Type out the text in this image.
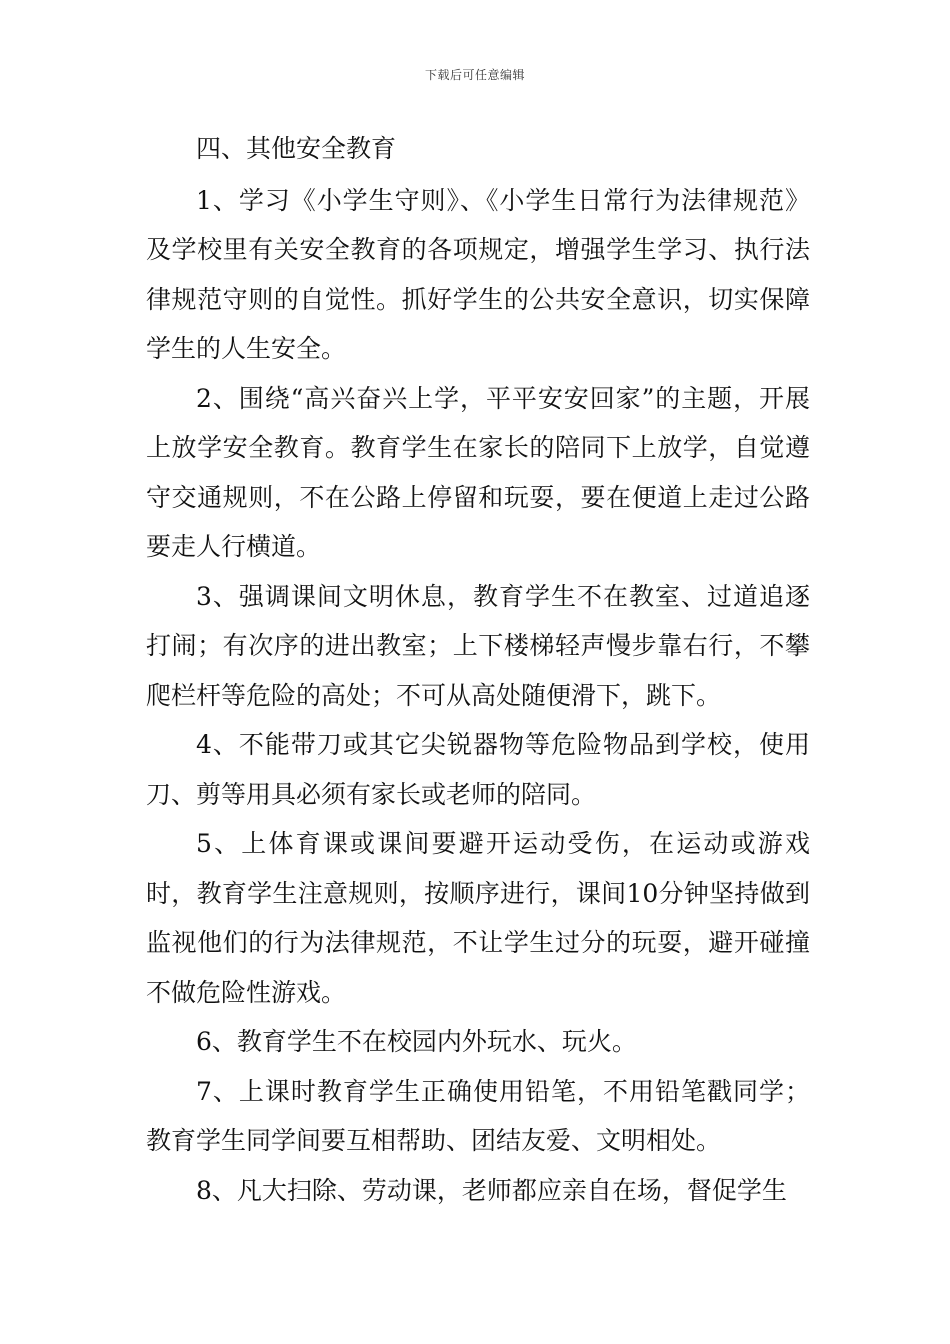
下载后可任意编辑

四、其他安全教育

1、学习《小学生守则》、《小学生日常行为法律规范》及学校里有关安全教育的各项规定，增强学生学习、执行法律规范守则的自觉性。抓好学生的公共安全意识，切实保障学生的人生安全。

2、围绕“高兴奋兴上学，平平安安回家”的主题，开展上放学安全教育。教育学生在家长的陪同下上放学，自觉遵守交通规则，不在公路上停留和玩耍，要在便道上走过公路要走人行横道。

3、强调课间文明休息，教育学生不在教室、过道追逐打闹；有次序的进出教室；上下楼梯轻声慢步靠右行，不攀爬栏杆等危险的高处；不可从高处随便滑下，跳下。

4、不能带刀或其它尖锐器物等危险物品到学校，使用刀、剪等用具必须有家长或老师的陪同。

5、上体育课或课间要避开运动受伤，在运动或游戏时，教育学生注意规则，按顺序进行，课间10分钟坚持做到监视他们的行为法律规范，不让学生过分的玩耍，避开碰撞不做危险性游戏。

6、教育学生不在校园内外玩水、玩火。

7、上课时教育学生正确使用铅笔，不用铅笔戳同学；教育学生同学间要互相帮助、团结友爱、文明相处。

8、凡大扫除、劳动课，老师都应亲自在场，督促学生
